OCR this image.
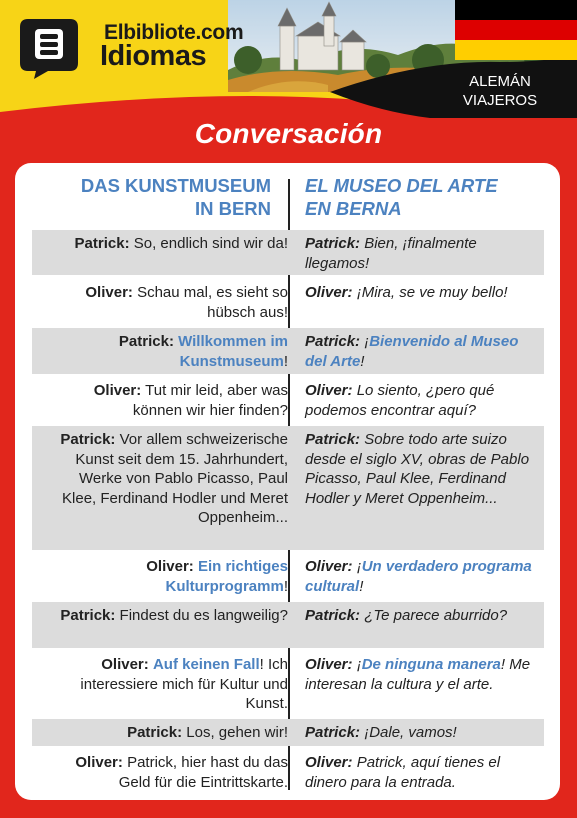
Elbibliote.com
Idiomas
ALEMÁN
VIAJEROS
Conversación
DAS KUNSTMUSEUM
IN BERN
EL MUSEO DEL ARTE
EN BERNA
Patrick: So, endlich sind wir da! Patrick: Bien, ¡finalmente llegamos!
Oliver: Schau mal, es sieht so hübsch aus!
Oliver: ¡Mira, se ve muy bello!
Patrick: Willkommen im Kunstmuseum!
Patrick: ¡Bienvenido al Museo del Arte!
Oliver: Tut mir leid, aber was können wir hier finden?
Oliver: Lo siento, ¿pero qué podemos encontrar aquí?
Patrick: Vor allem schweizerische Kunst seit dem 15. Jahrhundert, Werke von Pablo Picasso, Paul Klee, Ferdinand Hodler und Meret Oppenheim...
Patrick: Sobre todo arte suizo desde el siglo XV, obras de Pablo Picasso, Paul Klee, Ferdinand Hodler y Meret Oppenheim...
Oliver: Ein richtiges Kulturprogramm!
Oliver: ¡Un verdadero programa cultural!
Patrick: Findest du es langweilig? Patrick: ¿Te parece aburrido?
Oliver: Auf keinen Fall! Ich interessiere mich für Kultur und Kunst.
Oliver: ¡De ninguna manera! Me interesan la cultura y el arte.
Patrick: Los, gehen wir! Patrick: ¡Dale, vamos!
Oliver: Patrick, hier hast du das Geld für die Eintrittskarte.
Oliver: Patrick, aquí tienes el dinero para la entrada.
